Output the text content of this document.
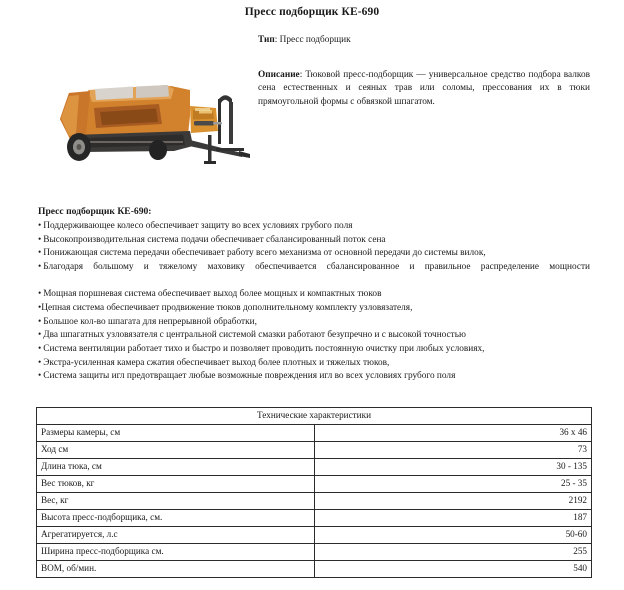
Пресс подборщик КЕ-690

Тип: Пресс подборщик

Описание: Тюковой пресс-подборщик — универсальное средство подбора валков сена естественных и сеяных трав или соломы, прессования их в тюки прямоугольной формы с обвязкой шпагатом.

Пресс подборщик КЕ-690:

• Поддерживающее колесо обеспечивает защиту во всех условиях грубого поля

• Высокопроизводительная система подачи обеспечивает сбалансированный поток сена

• Понижающая система передачи обеспечивает работу всего механизма от основной передачи до системы вилок,

• Благодаря большому и тяжелому маховику обеспечивается сбалансированное и правильное распределение мощности

• Мощная поршневая система обеспечивает выход более мощных и компактных тюков

•Цепная система обеспечивает продвижение тюков дополнительному комплекту узловязателя,

• Большое кол-во шпагата для непрерывной обработки,

• Два шпагатных узловязателя с центральной системой смазки работают безупречно и с высокой точностью

• Система вентиляции работает тихо и быстро и позволяет проводить постоянную очистку при любых условиях,

• Экстра-усиленная камера сжатия обеспечивает выход более плотных и тяжелых тюков,

• Система защиты игл предотвращает любые возможные повреждения игл во всех условиях грубого поля

Технические характеристики	
Размеры камеры, см	36 х 46
Ход см	73
Длина тюка, см	30 - 135
Вес тюков, кг	25 - 35
Вес, кг	2192
Высота пресс-подборщика, см.	187
Агрегатируется, л.с	50-60
Ширина пресс-подборщика см.	255
ВОМ, об/мин.	540
